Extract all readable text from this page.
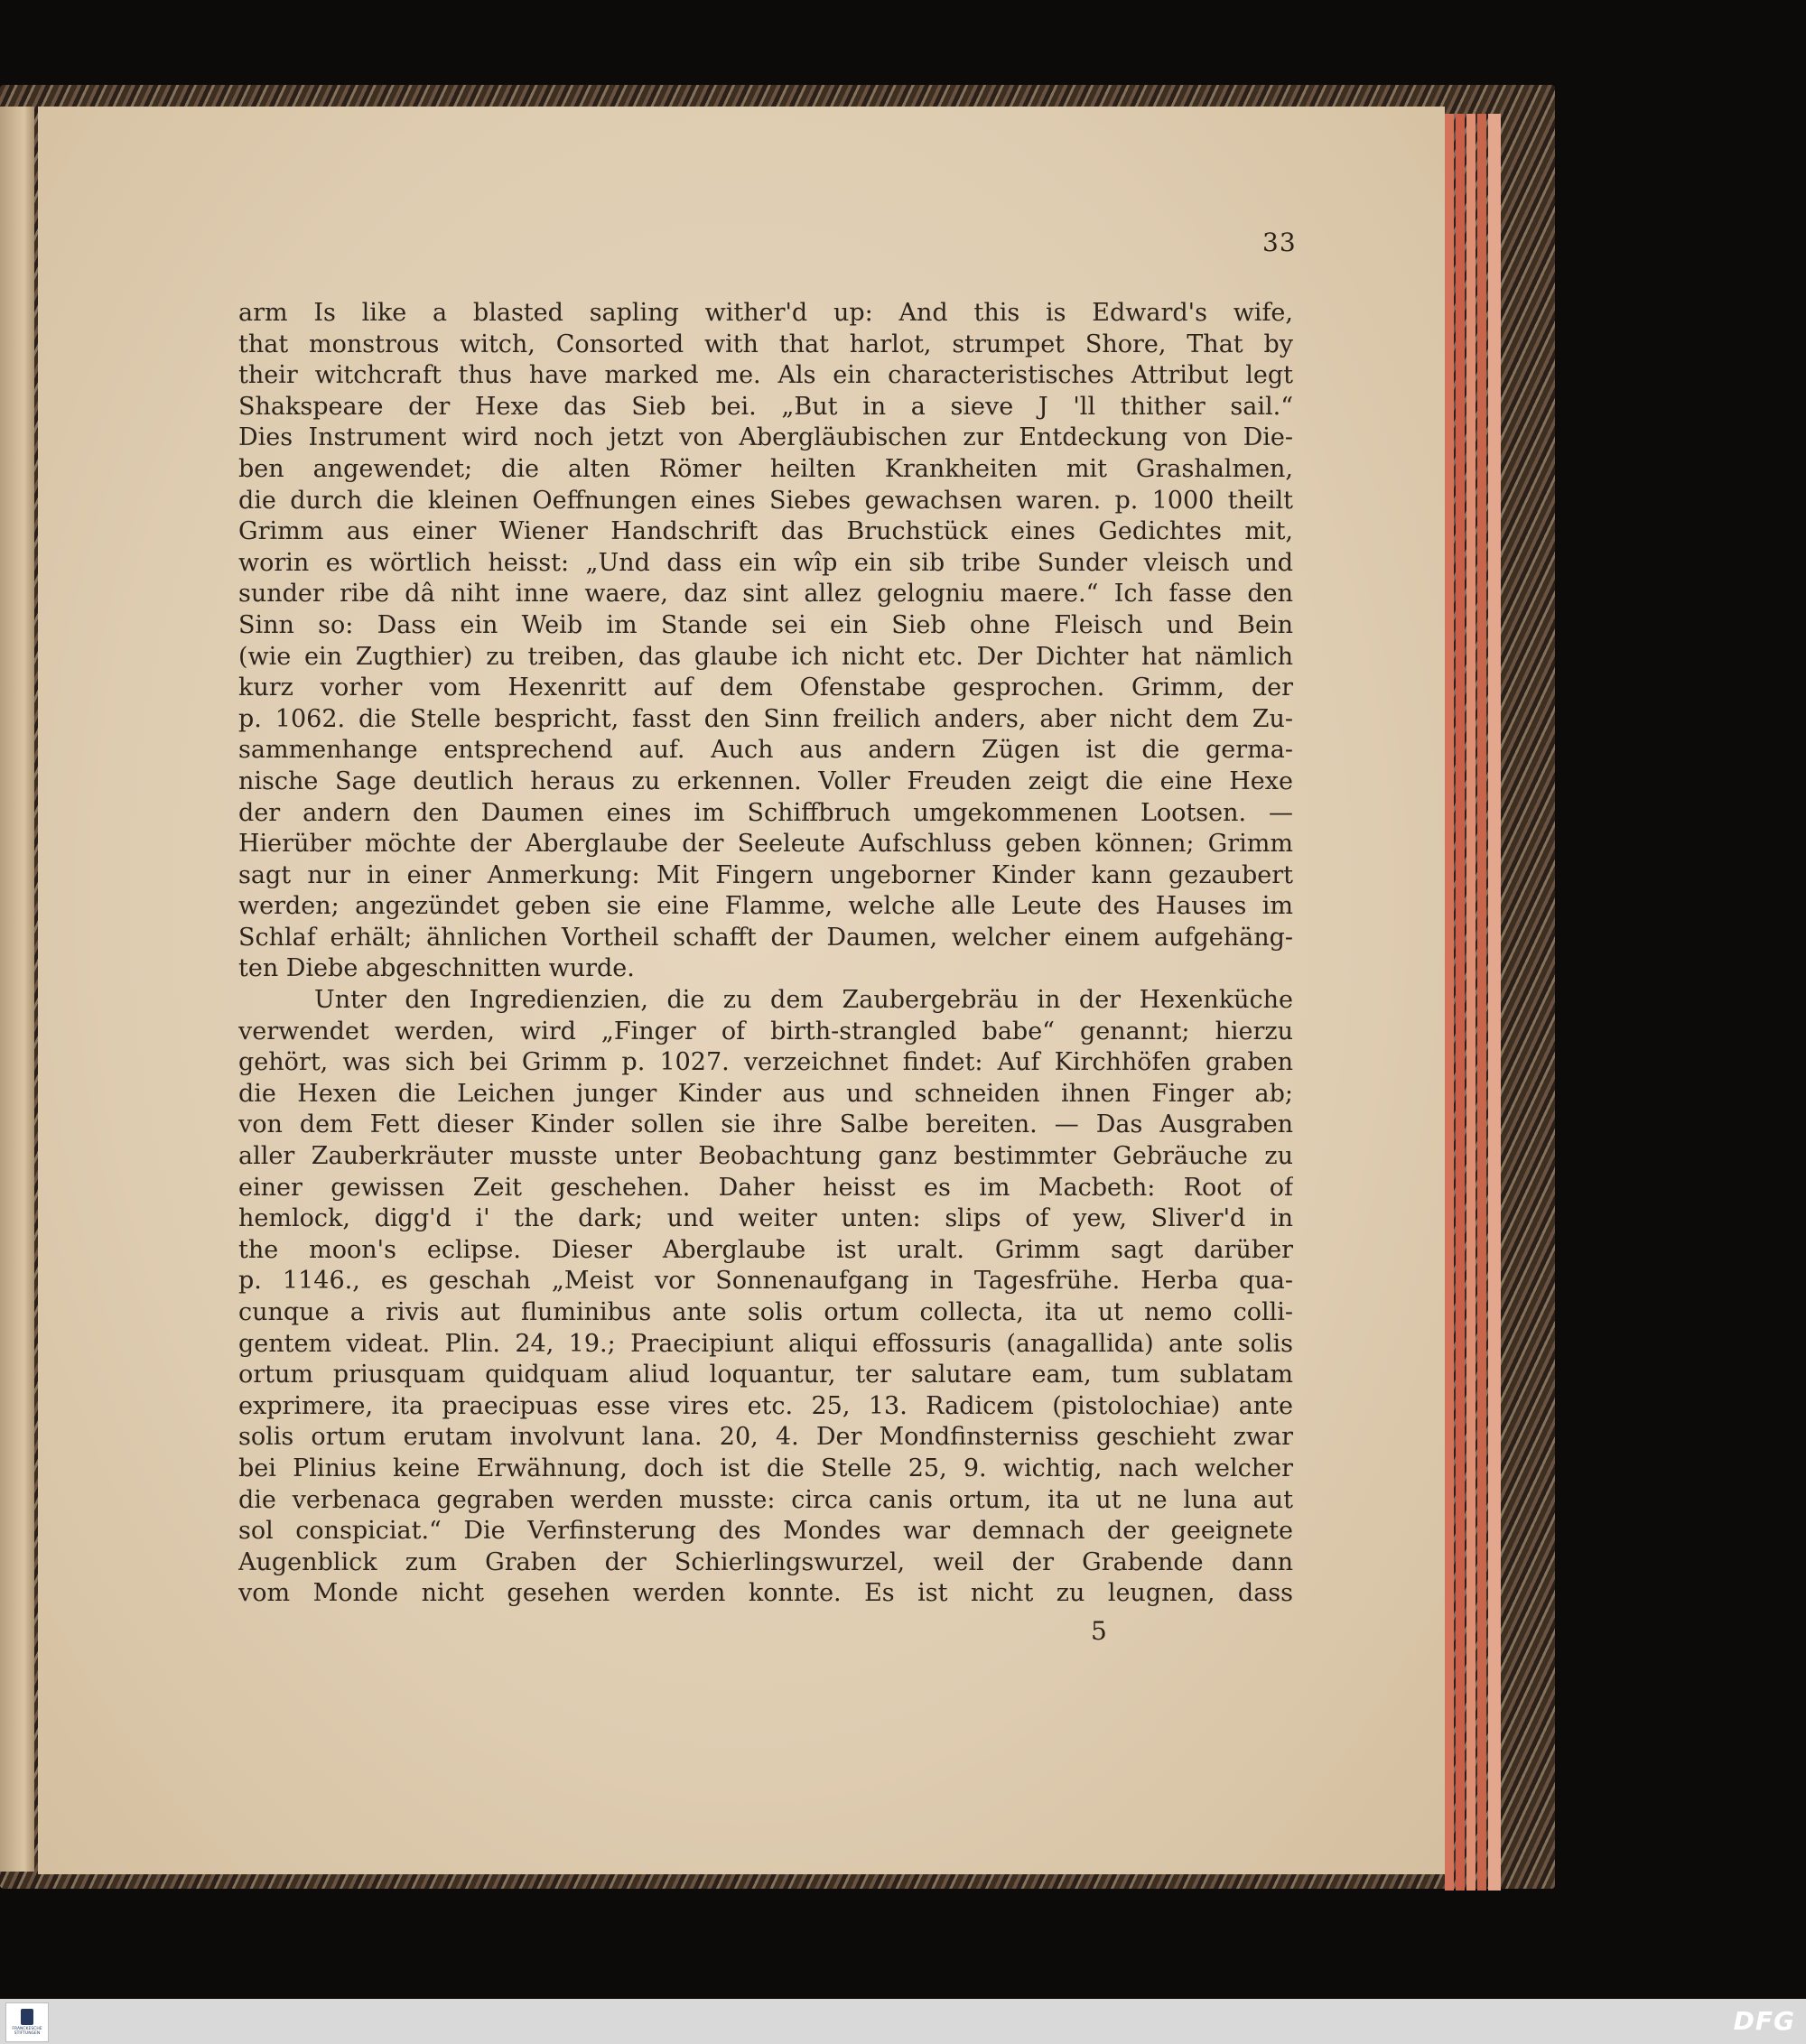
33
arm Is like a blasted sapling wither'd up: And this is Edward's wife,
that monstrous witch, Consorted with that harlot, strumpet Shore, That by
their witchcraft thus have marked me. Als ein characteristisches Attribut legt
Shakspeare der Hexe das Sieb bei. „But in a sieve J 'll thither sail.“
Dies Instrument wird noch jetzt von Abergläubischen zur Entdeckung von Die-
ben angewendet; die alten Römer heilten Krankheiten mit Grashalmen,
die durch die kleinen Oeffnungen eines Siebes gewachsen waren. p. 1000 theilt
Grimm aus einer Wiener Handschrift das Bruchstück eines Gedichtes mit,
worin es wörtlich heisst: „Und dass ein wîp ein sib tribe Sunder vleisch und
sunder ribe dâ niht inne waere, daz sint allez gelogniu maere.“ Ich fasse den
Sinn so: Dass ein Weib im Stande sei ein Sieb ohne Fleisch und Bein
(wie ein Zugthier) zu treiben, das glaube ich nicht etc. Der Dichter hat nämlich
kurz vorher vom Hexenritt auf dem Ofenstabe gesprochen. Grimm, der
p. 1062. die Stelle bespricht, fasst den Sinn freilich anders, aber nicht dem Zu-
sammenhange entsprechend auf. Auch aus andern Zügen ist die germa-
nische Sage deutlich heraus zu erkennen. Voller Freuden zeigt die eine Hexe
der andern den Daumen eines im Schiffbruch umgekommenen Lootsen. —
Hierüber möchte der Aberglaube der Seeleute Aufschluss geben können; Grimm
sagt nur in einer Anmerkung: Mit Fingern ungeborner Kinder kann gezaubert
werden; angezündet geben sie eine Flamme, welche alle Leute des Hauses im
Schlaf erhält; ähnlichen Vortheil schafft der Daumen, welcher einem aufgehäng-
ten Diebe abgeschnitten wurde.
Unter den Ingredienzien, die zu dem Zaubergebräu in der Hexenküche
verwendet werden, wird „Finger of birth-strangled babe“ genannt; hierzu
gehört, was sich bei Grimm p. 1027. verzeichnet findet: Auf Kirchhöfen graben
die Hexen die Leichen junger Kinder aus und schneiden ihnen Finger ab;
von dem Fett dieser Kinder sollen sie ihre Salbe bereiten. — Das Ausgraben
aller Zauberkräuter musste unter Beobachtung ganz bestimmter Gebräuche zu
einer gewissen Zeit geschehen. Daher heisst es im Macbeth: Root of
hemlock, digg'd i' the dark; und weiter unten: slips of yew, Sliver'd in
the moon's eclipse. Dieser Aberglaube ist uralt. Grimm sagt darüber
p. 1146., es geschah „Meist vor Sonnenaufgang in Tagesfrühe. Herba qua-
cunque a rivis aut fluminibus ante solis ortum collecta, ita ut nemo colli-
gentem videat. Plin. 24, 19.; Praecipiunt aliqui effossuris (anagallida) ante solis
ortum priusquam quidquam aliud loquantur, ter salutare eam, tum sublatam
exprimere, ita praecipuas esse vires etc. 25, 13. Radicem (pistolochiae) ante
solis ortum erutam involvunt lana. 20, 4. Der Mondfinsterniss geschieht zwar
bei Plinius keine Erwähnung, doch ist die Stelle 25, 9. wichtig, nach welcher
die verbenaca gegraben werden musste: circa canis ortum, ita ut ne luna aut
sol conspiciat.“ Die Verfinsterung des Mondes war demnach der geeignete
Augenblick zum Graben der Schierlingswurzel, weil der Grabende dann
vom Monde nicht gesehen werden konnte. Es ist nicht zu leugnen, dass
5
FRANCKESCHE STIFTUNGEN	DFG
